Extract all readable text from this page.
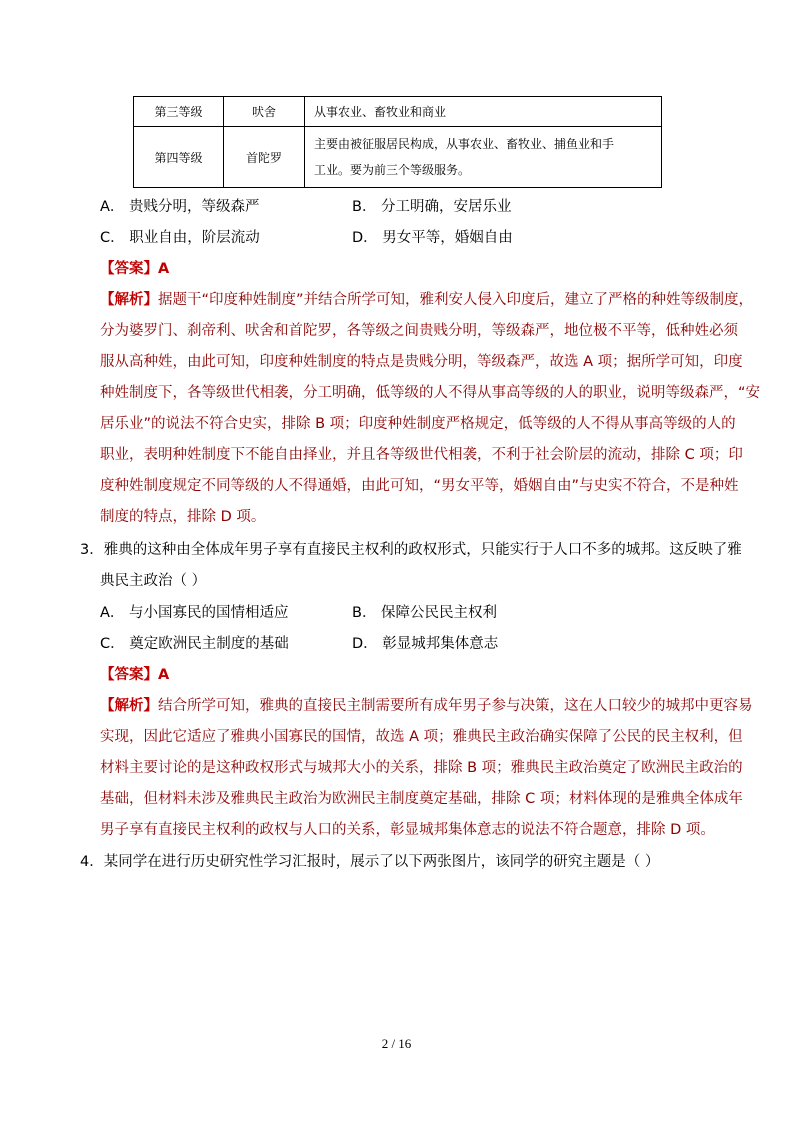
第三等级	吠舍	从事农业、畜牧业和商业
第四等级	首陀罗	主要由被征服居民构成，从事农业、畜牧业、捕鱼业和手
工业。要为前三个等级服务。
A． 贵贱分明，等级森严	B． 分工明确，安居乐业
C． 职业自由，阶层流动	D． 男女平等，婚姻自由
【答案】A
【解析】据题干“印度种姓制度”并结合所学可知，雅利安人侵入印度后，建立了严格的种姓等级制度，
分为婆罗门、刹帝利、吠舍和首陀罗，各等级之间贵贱分明，等级森严，地位极不平等，低种姓必须
服从高种姓，由此可知，印度种姓制度的特点是贵贱分明，等级森严，故选 A 项；据所学可知，印度
种姓制度下，各等级世代相袭，分工明确，低等级的人不得从事高等级的人的职业，说明等级森严，“安
居乐业”的说法不符合史实，排除 B 项；印度种姓制度严格规定，低等级的人不得从事高等级的人的
职业，表明种姓制度下不能自由择业，并且各等级世代相袭，不利于社会阶层的流动，排除 C 项；印
度种姓制度规定不同等级的人不得通婚，由此可知，“男女平等，婚姻自由”与史实不符合，不是种姓
制度的特点，排除 D 项。
3．雅典的这种由全体成年男子享有直接民主权利的政权形式，只能实行于人口不多的城邦。这反映了雅
典民主政治（ ）
A． 与小国寡民的国情相适应	B． 保障公民民主权利
C． 奠定欧洲民主制度的基础	D． 彰显城邦集体意志
【答案】A
【解析】结合所学可知，雅典的直接民主制需要所有成年男子参与决策，这在人口较少的城邦中更容易
实现，因此它适应了雅典小国寡民的国情，故选 A 项；雅典民主政治确实保障了公民的民主权利，但
材料主要讨论的是这种政权形式与城邦大小的关系，排除 B 项；雅典民主政治奠定了欧洲民主政治的
基础，但材料未涉及雅典民主政治为欧洲民主制度奠定基础，排除 C 项；材料体现的是雅典全体成年
男子享有直接民主权利的政权与人口的关系，彰显城邦集体意志的说法不符合题意，排除 D 项。
4．某同学在进行历史研究性学习汇报时，展示了以下两张图片，该同学的研究主题是（ ）
2 / 16
